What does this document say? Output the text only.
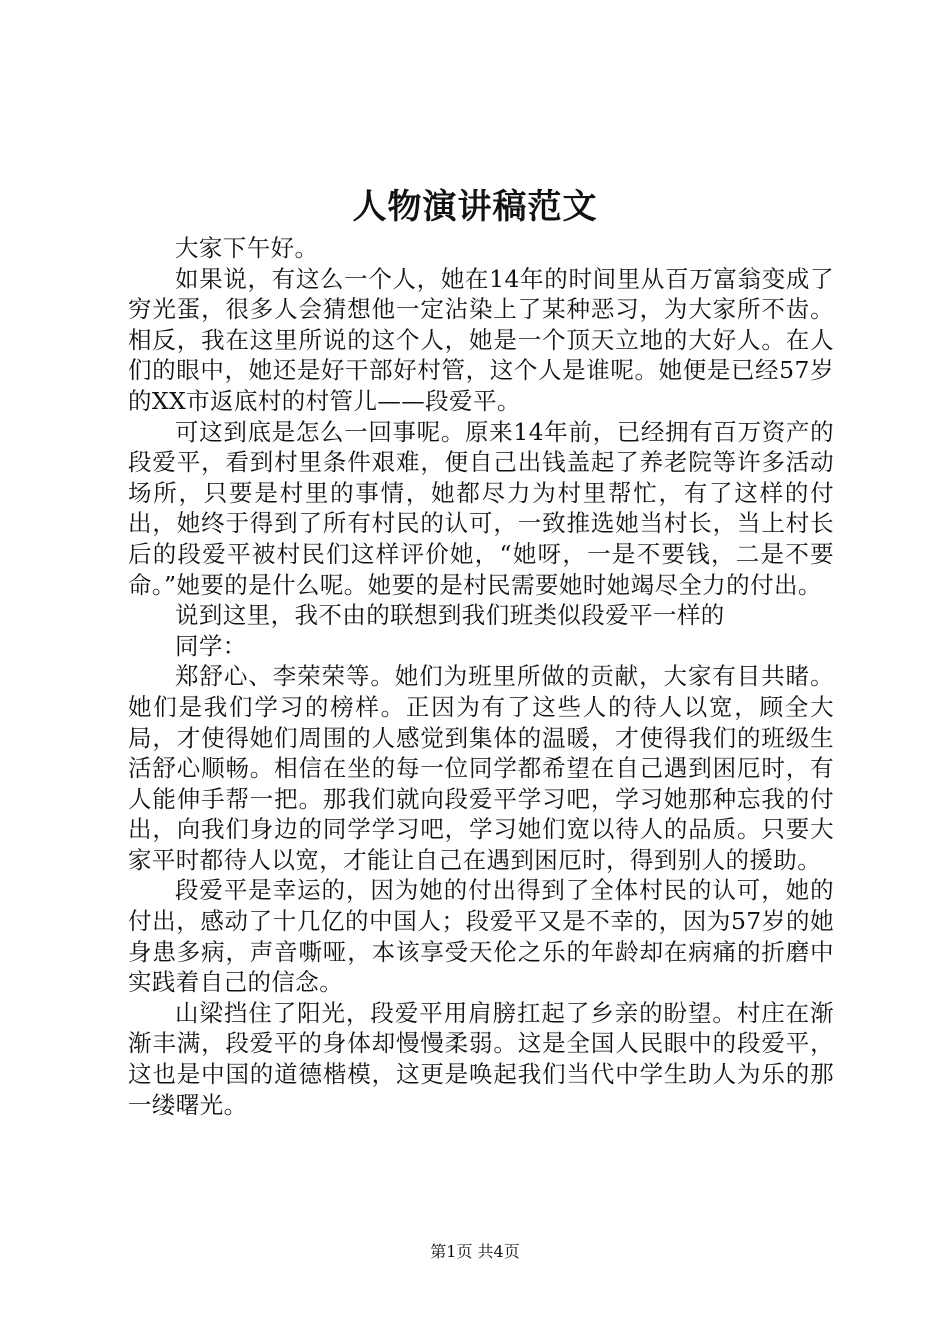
人物演讲稿范文

大家下午好。

如果说，有这么一个人，她在14年的时间里从百万富翁变成了穷光蛋，很多人会猜想他一定沾染上了某种恶习，为大家所不齿。相反，我在这里所说的这个人，她是一个顶天立地的大好人。在人们的眼中，她还是好干部好村管，这个人是谁呢。她便是已经57岁的XX市返底村的村管儿——段爱平。

可这到底是怎么一回事呢。原来14年前，已经拥有百万资产的段爱平，看到村里条件艰难，便自己出钱盖起了养老院等许多活动场所，只要是村里的事情，她都尽力为村里帮忙，有了这样的付出，她终于得到了所有村民的认可，一致推选她当村长，当上村长后的段爱平被村民们这样评价她，“她呀，一是不要钱，二是不要命。”她要的是什么呢。她要的是村民需要她时她竭尽全力的付出。

说到这里，我不由的联想到我们班类似段爱平一样的

同学：

郑舒心、李荣荣等。她们为班里所做的贡献，大家有目共睹。她们是我们学习的榜样。正因为有了这些人的待人以宽，顾全大局，才使得她们周围的人感觉到集体的温暖，才使得我们的班级生活舒心顺畅。相信在坐的每一位同学都希望在自己遇到困厄时，有人能伸手帮一把。那我们就向段爱平学习吧，学习她那种忘我的付出，向我们身边的同学学习吧，学习她们宽以待人的品质。只要大家平时都待人以宽，才能让自己在遇到困厄时，得到别人的援助。

段爱平是幸运的，因为她的付出得到了全体村民的认可，她的付出，感动了十几亿的中国人；段爱平又是不幸的，因为57岁的她身患多病，声音嘶哑，本该享受天伦之乐的年龄却在病痛的折磨中实践着自己的信念。

山梁挡住了阳光，段爱平用肩膀扛起了乡亲的盼望。村庄在渐渐丰满，段爱平的身体却慢慢柔弱。这是全国人民眼中的段爱平，这也是中国的道德楷模，这更是唤起我们当代中学生助人为乐的那一缕曙光。

第1页 共4页
